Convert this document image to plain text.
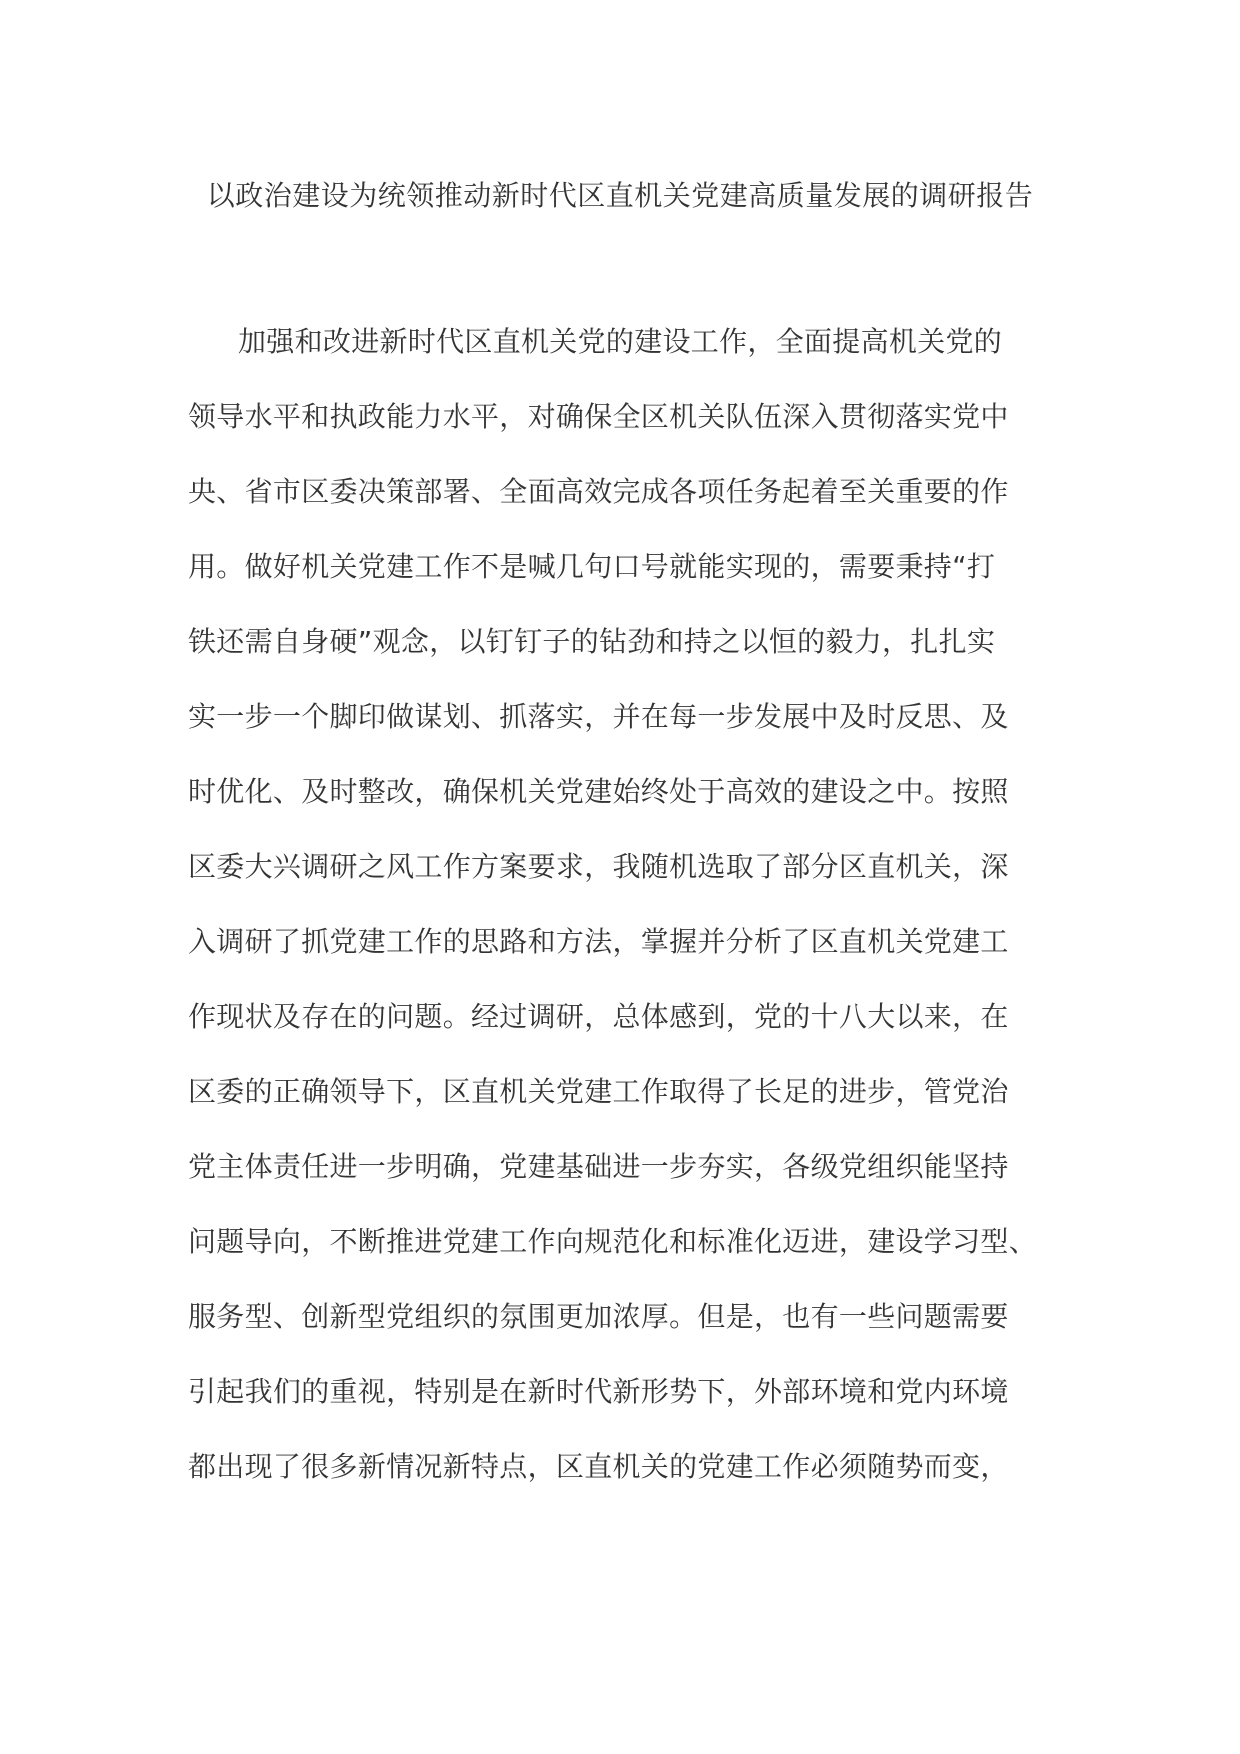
以政治建设为统领推动新时代区直机关党建高质量发展的调研报告
加强和改进新时代区直机关党的建设工作，全面提高机关党的
领导水平和执政能力水平，对确保全区机关队伍深入贯彻落实党中
央、省市区委决策部署、全面高效完成各项任务起着至关重要的作
用。做好机关党建工作不是喊几句口号就能实现的，需要秉持“打
铁还需自身硬”观念，以钉钉子的钻劲和持之以恒的毅力，扎扎实
实一步一个脚印做谋划、抓落实，并在每一步发展中及时反思、及
时优化、及时整改，确保机关党建始终处于高效的建设之中。按照
区委大兴调研之风工作方案要求，我随机选取了部分区直机关，深
入调研了抓党建工作的思路和方法，掌握并分析了区直机关党建工
作现状及存在的问题。经过调研，总体感到，党的十八大以来，在
区委的正确领导下，区直机关党建工作取得了长足的进步，管党治
党主体责任进一步明确，党建基础进一步夯实，各级党组织能坚持
问题导向，不断推进党建工作向规范化和标准化迈进，建设学习型、
服务型、创新型党组织的氛围更加浓厚。但是，也有一些问题需要
引起我们的重视，特别是在新时代新形势下，外部环境和党内环境
都出现了很多新情况新特点，区直机关的党建工作必须随势而变，
